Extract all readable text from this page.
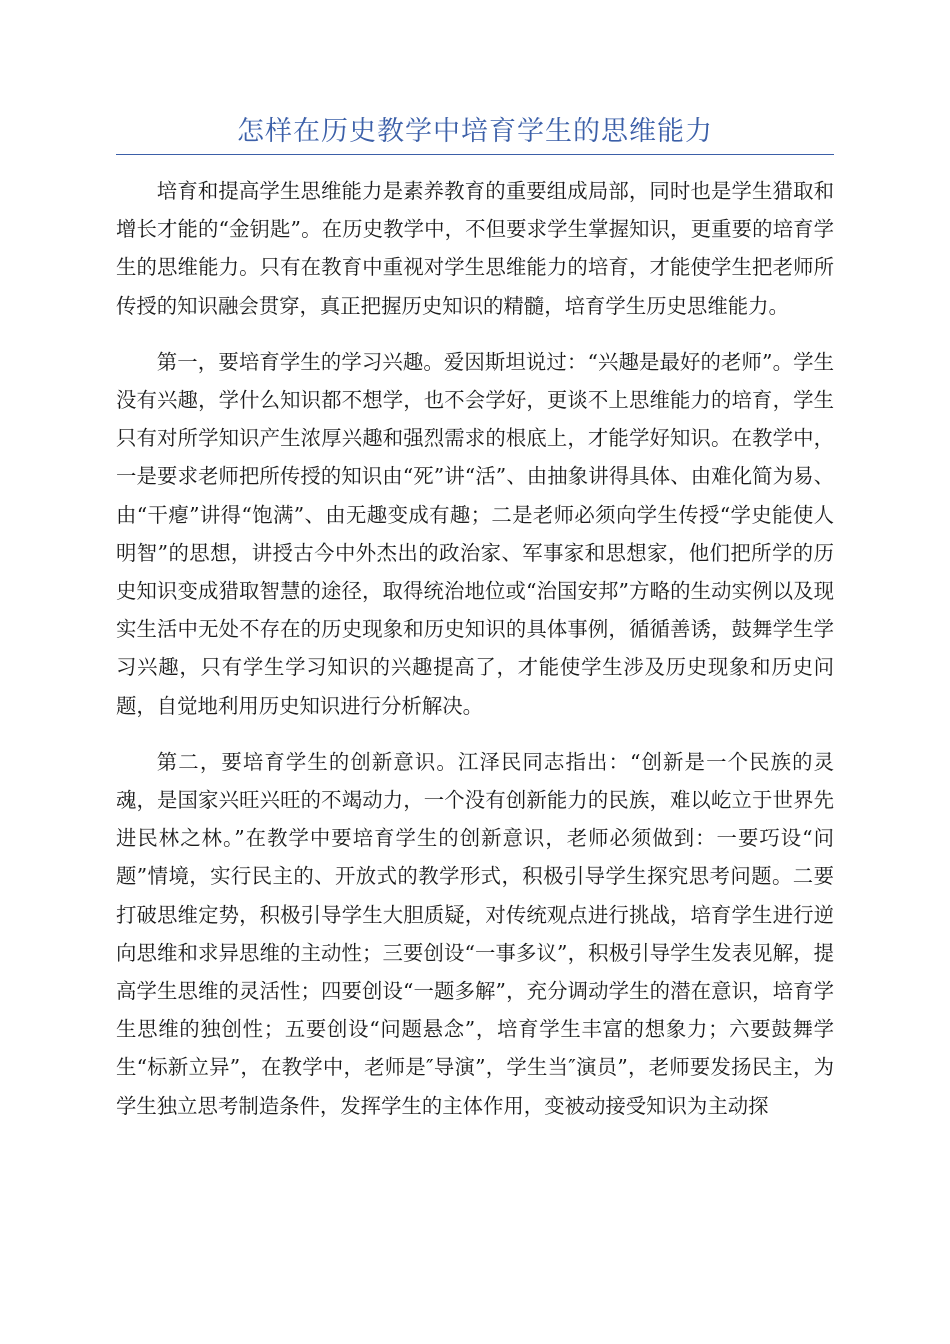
怎样在历史教学中培育学生的思维能力

培育和提高学生思维能力是素养教育的重要组成局部，同时也是学生猎取和增长才能的“金钥匙”。在历史教学中，不但要求学生掌握知识，更重要的培育学生的思维能力。只有在教育中重视对学生思维能力的培育，才能使学生把老师所传授的知识融会贯穿，真正把握历史知识的精髓，培育学生历史思维能力。

第一，要培育学生的学习兴趣。爱因斯坦说过：“兴趣是最好的老师”。学生没有兴趣，学什么知识都不想学，也不会学好，更谈不上思维能力的培育，学生只有对所学知识产生浓厚兴趣和强烈需求的根底上，才能学好知识。在教学中，一是要求老师把所传授的知识由“死”讲“活”、由抽象讲得具体、由难化简为易、由“干瘪”讲得“饱满”、由无趣变成有趣；二是老师必须向学生传授“学史能使人明智”的思想，讲授古今中外杰出的政治家、军事家和思想家，他们把所学的历史知识变成猎取智慧的途径，取得统治地位或“治国安邦”方略的生动实例以及现实生活中无处不存在的历史现象和历史知识的具体事例，循循善诱，鼓舞学生学习兴趣，只有学生学习知识的兴趣提高了，才能使学生涉及历史现象和历史问题，自觉地利用历史知识进行分析解决。

第二，要培育学生的创新意识。江泽民同志指出：“创新是一个民族的灵魂，是国家兴旺兴旺的不竭动力，一个没有创新能力的民族，难以屹立于世界先进民林之林。”在教学中要培育学生的创新意识，老师必须做到：一要巧设“问题”情境，实行民主的、开放式的教学形式，积极引导学生探究思考问题。二要打破思维定势，积极引导学生大胆质疑，对传统观点进行挑战，培育学生进行逆向思维和求异思维的主动性；三要创设“一事多议”，积极引导学生发表见解，提高学生思维的灵活性；四要创设“一题多解”，充分调动学生的潜在意识，培育学生思维的独创性；五要创设“问题悬念”，培育学生丰富的想象力；六要鼓舞学生“标新立异”，在教学中，老师是″导演”，学生当″演员”，老师要发扬民主，为学生独立思考制造条件，发挥学生的主体作用，变被动接受知识为主动探
